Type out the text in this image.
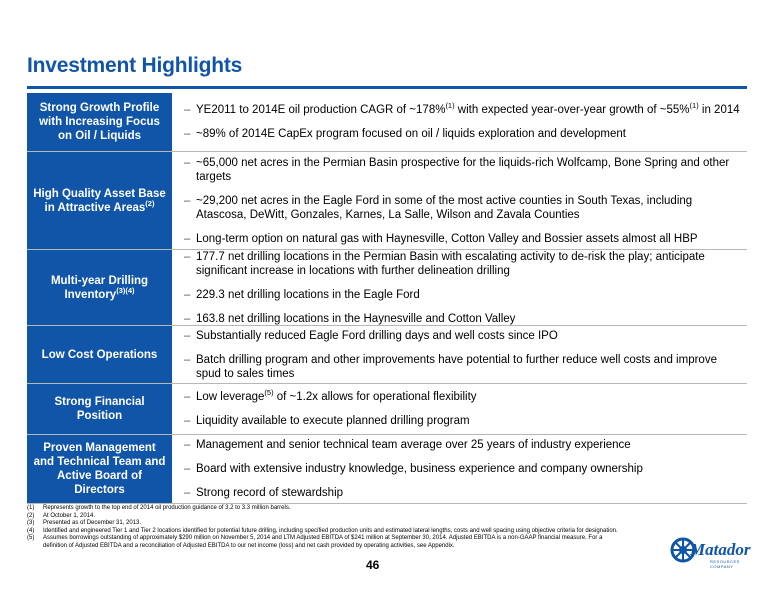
Investment Highlights
Strong Growth Profile with Increasing Focus on Oil / Liquids
– YE2011 to 2014E oil production CAGR of ~178%$^{(1)}$ with expected year-over-year growth of ~55%$^{(1)}$ in 2014
– ~89% of 2014E CapEx program focused on oil / liquids exploration and development
High Quality Asset Base in Attractive Areas$^{(2)}$
– ~65,000 net acres in the Permian Basin prospective for the liquids-rich Wolfcamp, Bone Spring and other targets
– ~29,200 net acres in the Eagle Ford in some of the most active counties in South Texas, including Atascosa, DeWitt, Gonzales, Karnes, La Salle, Wilson and Zavala Counties
– Long-term option on natural gas with Haynesville, Cotton Valley and Bossier assets almost all HBP
Multi-year Drilling Inventory$^{(3)(4)}$
– 177.7 net drilling locations in the Permian Basin with escalating activity to de-risk the play; anticipate significant increase in locations with further delineation drilling
– 229.3 net drilling locations in the Eagle Ford
– 163.8 net drilling locations in the Haynesville and Cotton Valley
Low Cost Operations
– Substantially reduced Eagle Ford drilling days and well costs since IPO
– Batch drilling program and other improvements have potential to further reduce well costs and improve spud to sales times
Strong Financial Position
– Low leverage$^{(5)}$ of ~1.2x allows for operational flexibility
– Liquidity available to execute planned drilling program
Proven Management and Technical Team and Active Board of Directors
– Management and senior technical team average over 25 years of industry experience
– Board with extensive industry knowledge, business experience and company ownership
– Strong record of stewardship
(1)	Represents growth to the top end of 2014 oil production guidance of 3.2 to 3.3 million barrels.
(2)	At October 1, 2014.
(3)	Presented as of December 31, 2013.
(4)	Identified and engineered Tier 1 and Tier 2 locations identified for potential future drilling, including specified production units and estimated lateral lengths, costs and well spacing using objective criteria for designation.
(5)	Assumes borrowings outstanding of approximately $290 million on November 5, 2014 and LTM Adjusted EBITDA of $241 million at September 30, 2014. Adjusted EBITDA is a non-GAAP financial measure. For a definition of Adjusted EBITDA and a reconciliation of Adjusted EBITDA to our net income (loss) and net cash provided by operating activities, see Appendix.
46
Matador
RESOURCES COMPANY
